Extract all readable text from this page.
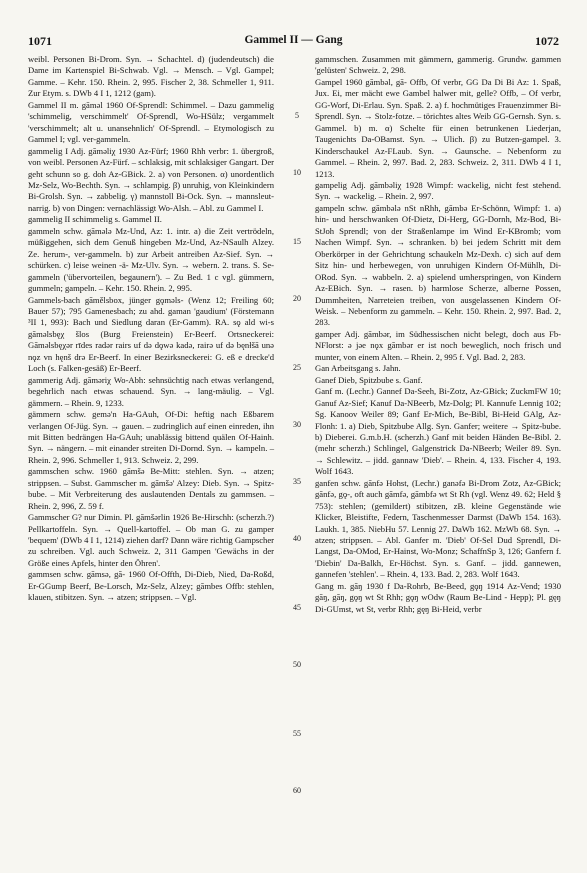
1071	Gammel II — Gang	1072

weibl. Personen Bi-Drom. Syn. → Schachtel. d) (judendeutsch) die Dame im Kartenspiel Bi-Schwab. Vgl. → Mensch. – Vgl. Gampel; Gamme. – Kehr. 150. Rhein. 2, 995. Fischer 2, 38. Schmeller 1, 911. Zur Etym. s. DWb 4 I 1, 1212 (gam).

Gammel II m. gāməl 1960 Of-Sprendl: Schimmel. – Dazu gammelig 'schimmelig, verschimmelt' Of-Sprendl, Wo-HSülz; vergammelt 'verschimmelt; alt u. unansehnlich' Of-Sprendl. – Etymologisch zu Gammel I; vgl. ver-gammeln.

gammelig I Adj. gāməliχ 1930 Az-Fürf; 1960 Rhh verbr: 1. übergroß, von weibl. Personen Az-Fürf. – schlaksig, mit schlaksiger Gangart. Der geht schunn so g. doh Az-GBick. 2. a) von Personen. α) unordentlich Mz-Selz, Wo-Bechth. Syn. → schlampig. β) unruhig, von Kleinkindern Bi-Grolsh. Syn. → zabbelig. γ) mannstoll Bi-Ock. Syn. → mannsleut-narrig. b) von Dingen: vernachlässigt Wo-Alsh. – Abl. zu Gammel I.

gammelig II schimmelig s. Gammel II.

gammeln schw. gāmələ Mz-Und, Az: 1. intr. a) die Zeit vertrödeln, müßiggehen, sich dem Genuß hingeben Mz-Und, Az-NSaulh Alzey. Ze. herum-, ver-gammeln. b) zur Arbeit antreiben Az-Sief. Syn. → schürken. c) leise weinen -ä- Mz-Ulv. Syn. → webern. 2. trans. S. Se-gammeln ('übervorteilen, begaunern'). – Zu Bed. 1 c vgl. gümmern, gummeln; gampeln. – Kehr. 150. Rhein. 2, 995.

Gammels-bach gāmělsbox, jünger gǫmǝls- (Wenz 12; Freiling 60; Bauer 57); 795 Gamenesbach; zu ahd. gaman 'gaudium' (Förstemann ³II 1, 993): Bach und Siedlung daran (Er-Gamm). RA. sǫ ald wi-s gāmǝlsbęχ šlos (Burg Freienstein) Er-Beerf. Ortsneckerei: Gāmǝlsbęχǝr rīdes radǝr rairs uf dǝ dǫwǝ kadǝ, rairǝ uf dǝ bęnłšā unǝ nǫz vn hęnš drǝ Er-Beerf. In einer Bezirksneckerei: G. eß e drecke'd Loch (s. Falken-gesäß) Er-Beerf.

gammerig Adj. gāmǝriχ Wo-Abh: sehnsüchtig nach etwas verlangend, begehrlich nach etwas schauend. Syn. → lang-mäulig. – Vgl. gämmern. – Rhein. 9, 1233.

gämmern schw. gemǝ'n Ha-GAuh, Of-Di: heftig nach Eßbarem verlangen Of-Jüg. Syn. → gauen. – zudringlich auf einen einreden, ihn mit Bitten bedrängen Ha-GAuh; unablässig bittend quälen Of-Hainh. Syn. → nängern. – mit einander streiten Di-Dornd. Syn. → kampeln. – Rhein. 2, 996. Schmeller 1, 913. Schweiz. 2, 299.

gammschen schw. 1960 gāmšǝ Be-Mitt: stehlen. Syn. → atzen; strippsen. – Subst. Gammscher m. gāmšǝ' Alzey: Dieb. Syn. → Spitz-bube. – Mit Verbreiterung des auslautenden Dentals zu gammsen. – Rhein. 2, 996, Z. 59 f.

Gammscher G? nur Dimin. Pl. gāmšǝrlin 1926 Be-Hirschh: (scherzh.?) Pellkartoffeln. Syn. → Quell-kartoffel. – Ob man G. zu gamper 'bequem' (DWb 4 I 1, 1214) ziehen darf? Dann wäre richtig Gampscher zu schreiben. Vgl. auch Schweiz. 2, 311 Gampen 'Gewächs in der Größe eines Apfels, hinter den Öhren'.

gammsen schw. gāmsǝ, gā- 1960 Of-Offth, Di-Dieb, Nied, Da-Roßd, Er-GGump Beerf, Be-Lorsch, Mz-Selz, Alzey; gāmbes Offb: stehlen, klauen, stibitzen. Syn. → atzen; strippsen. – Vgl.

5
10
15
20
25
30
35
40
45
50
55
60

gammschen. Zusammen mit gämmern, gammerig. Grundw. gammen 'gelüsten' Schweiz. 2, 298.

Gampel 1960 gāmbǝl, gā- Offb, Of verbr, GG Da Di Bi Az: 1. Spaß, Jux. Ei, mer mächt ewe Gambel halwer mit, gelle? Offb, – Of verbr, GG-Worf, Di-Erlau. Syn. Spaß. 2. a) f. hochmütiges Frauenzimmer Bi-Sprendl. Syn. → Stolz-fotze. – törichtes altes Weib GG-Gernsh. Syn. s. Gammel. b) m. α) Schelte für einen betrunkenen Liederjan, Taugenichts Da-OBamst. Syn. → Ulich. β) zu Butzen-gampel. 3. Kinderschaukel Az-FLaub. Syn. → Gaunsche. – Nebenform zu Gammel. – Rhein. 2, 997. Bad. 2, 283. Schweiz. 2, 311. DWb 4 I 1, 1213.

gampelig Adj. gāmbǝliχ 1928 Wimpf: wackelig, nicht fest stehend. Syn. → wackelig. – Rhein. 2, 997.

gampeln schw. gāmbǝlǝ nSt nRhh, gāmbǝ Er-Schönn, Wimpf: 1. a) hin- und herschwanken Of-Dietz, Di-Herg, GG-Dornh, Mz-Bod, Bi-StJoh Sprendl; von der Straßenlampe im Wind Er-KBromb; vom Nachen Wimpf. Syn. → schranken. b) bei jedem Schritt mit dem Oberkörper in der Gehrichtung schaukeln Mz-Dexh. c) sich auf dem Sitz hin- und herbewegen, von unruhigen Kindern Of-Mühlh, Di-ORod. Syn. → wabbeln. 2. a) spielend umherspringen, von Kindern Az-EBich. Syn. → rasen. b) harmlose Scherze, alberne Possen, Dummheiten, Narreteien treiben, von ausgelassenen Kindern Of-Weisk. – Nebenform zu gammeln. – Kehr. 150. Rhein. 2, 997. Bad. 2, 283.

gamper Adj. gāmbǝr, im Südhessischen nicht belegt, doch aus Fb-NFlorst: ǝ jǝe nǫx gāmbǝr er ist noch beweglich, noch frisch und munter, von einem Alten. – Rhein. 2, 995 f. Vgl. Bad. 2, 283.

Gan Arbeitsgang s. Jahn.

Ganef Dieb, Spitzbube s. Ganf.

Ganf m. (Lechr.) Gannef Da-Seeh, Bi-Zotz, Az-GBick; ZuckmFW 10; Ganuf Az-Sief; Kanuf Da-NBeerb, Mz-Dolg; Pl. Kannufe Lennig 102; Sg. Kanoov Weiler 89; Ganf Er-Mich, Be-Bibl, Bi-Heid GAlg, Az-Flonh: 1. a) Dieb, Spitzbube Allg. Syn. Ganfer; weitere → Spitz-bube. b) Dieberei. G.m.b.H. (scherzh.) Ganf mit beiden Händen Be-Bibl. 2. (mehr scherzh.) Schlingel, Galgenstrick Da-NBeerb; Weiler 89. Syn. → Schlewitz. – jidd. gannaw 'Dieb'. – Rhein. 4, 133. Fischer 4, 193. Wolf 1643.

ganfen schw. gānfǝ Hohst, (Lechr.) ganǝfǝ Bi-Drom Zotz, Az-GBick; gānfǝ, gǫ-, oft auch gāmfǝ, gāmbfǝ wt St Rh (vgl. Wenz 49. 62; Held § 753): stehlen; (gemildert) stibitzen, zB. kleine Gegenstände wie Klicker, Bleistifte, Federn, Taschenmesser Darmst (DaWb 154. 163). Laukh. 1, 385. NiebHu 57. Lennig 27. DaWb 162. MzWb 68. Syn. → atzen; strippsen. – Abl. Ganfer m. 'Dieb' Of-Sel Dud Sprendl, Di-Langst, Da-OMod, Er-Hainst, Wo-Monz; SchaffnSp 3, 126; Ganfern f. 'Diebin' Da-Balkh, Er-Höchst. Syn. s. Ganf. – jidd. gannewen, gannefen 'stehlen'. – Rhein. 4, 133. Bad. 2, 283. Wolf 1643.

Gang m. gāŋ 1930 f Da-Rohrb, Be-Beed, gǫŋ 1914 Az-Vend; 1930 gāŋ, gāŋ, gǫŋ wt St Rhh; gǫŋ wOdw (Raum Be-Lind - Hepp); Pl. gęŋ Di-GUmst, wt St, verbr Rhh; gęŋ Bi-Heid, verbr
